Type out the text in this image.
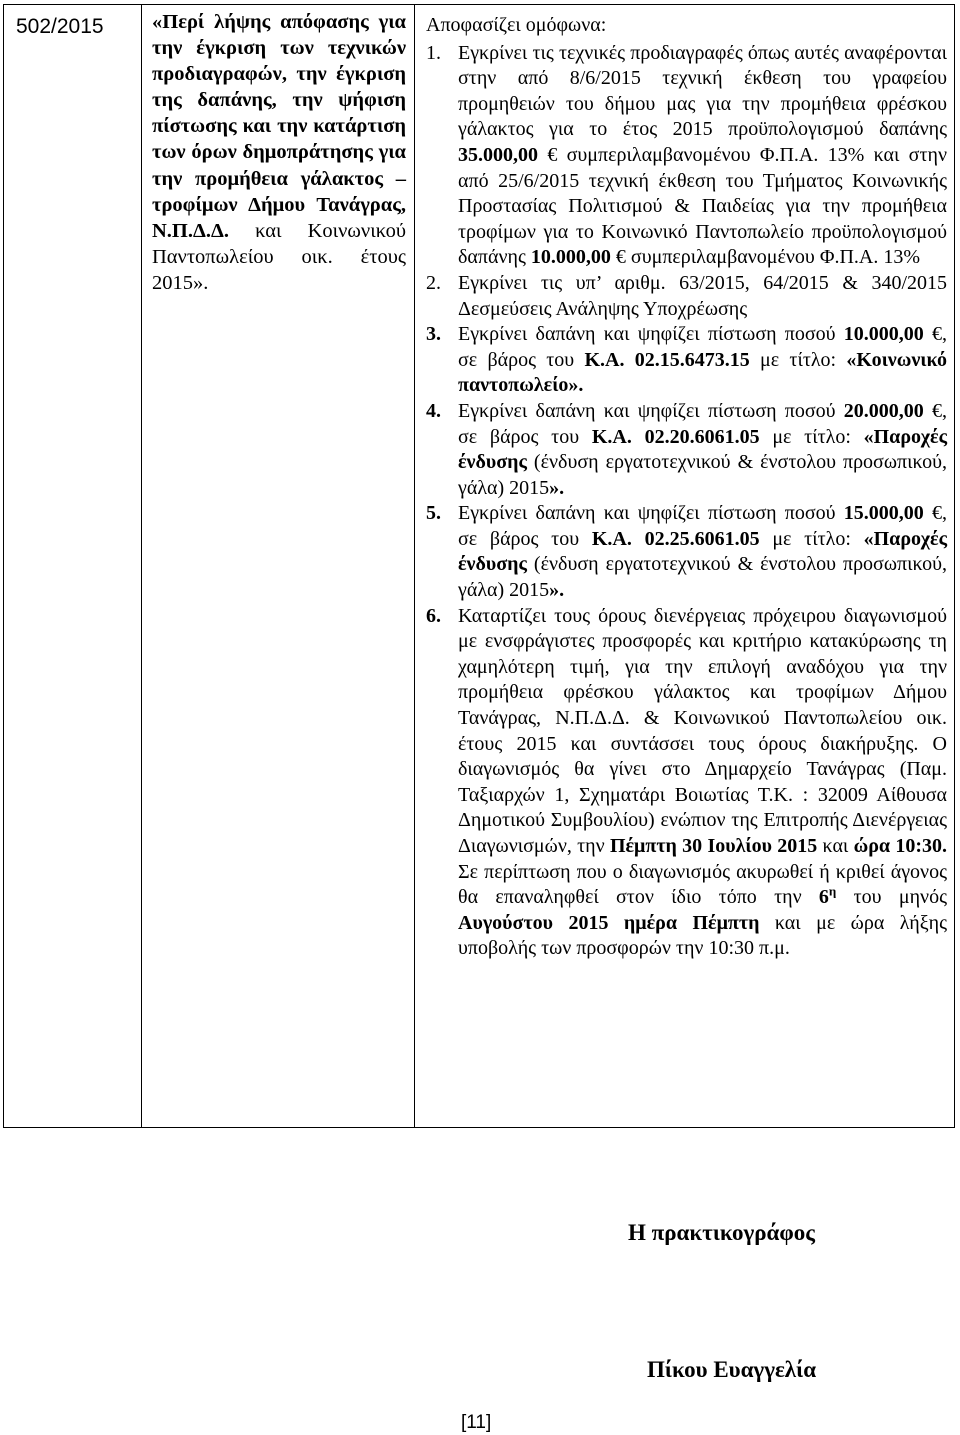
502/2015	«Περί λήψης απόφασης για την έγκριση των τεχνικών προδιαγραφών, την έγκριση της δαπάνης, την ψήφιση πίστωσης και την κατάρτιση των όρων δημοπράτησης για την προμήθεια γάλακτος – τροφίμων Δήμου Τανάγρας, Ν.Π.Δ.Δ. και Κοινωνικού Παντοπωλείου οικ. έτους 2015».
Αποφασίζει ομόφωνα:
1. Εγκρίνει τις τεχνικές προδιαγραφές όπως αυτές αναφέρονται στην από 8/6/2015 τεχνική έκθεση του γραφείου προμηθειών του δήμου μας για την προμήθεια φρέσκου γάλακτος για το έτος 2015 προϋπολογισμού δαπάνης 35.000,00 € συμπεριλαμβανομένου Φ.Π.Α. 13% και στην από 25/6/2015 τεχνική έκθεση του Τμήματος Κοινωνικής Προστασίας Πολιτισμού & Παιδείας για την προμήθεια τροφίμων για το Κοινωνικό Παντοπωλείο προϋπολογισμού δαπάνης 10.000,00 € συμπεριλαμβανομένου Φ.Π.Α. 13%
2. Εγκρίνει τις υπ’ αριθμ. 63/2015, 64/2015 & 340/2015 Δεσμεύσεις Ανάληψης Υποχρέωσης
3. Εγκρίνει δαπάνη και ψηφίζει πίστωση ποσού 10.000,00 €, σε βάρος του Κ.Α. 02.15.6473.15 με τίτλο: «Κοινωνικό παντοπωλείο».
4. Εγκρίνει δαπάνη και ψηφίζει πίστωση ποσού 20.000,00 €, σε βάρος του Κ.Α. 02.20.6061.05 με τίτλο: «Παροχές ένδυσης (ένδυση εργατοτεχνικού & ένστολου προσωπικού, γάλα) 2015».
5. Εγκρίνει δαπάνη και ψηφίζει πίστωση ποσού 15.000,00 €, σε βάρος του Κ.Α. 02.25.6061.05 με τίτλο: «Παροχές ένδυσης (ένδυση εργατοτεχνικού & ένστολου προσωπικού, γάλα) 2015».
6. Καταρτίζει τους όρους διενέργειας πρόχειρου διαγωνισμού με ενσφράγιστες προσφορές και κριτήριο κατακύρωσης τη χαμηλότερη τιμή, για την επιλογή αναδόχου για την προμήθεια φρέσκου γάλακτος και τροφίμων Δήμου Τανάγρας, Ν.Π.Δ.Δ. & Κοινωνικού Παντοπωλείου οικ. έτους 2015 και συντάσσει τους όρους διακήρυξης. Ο διαγωνισμός θα γίνει στο Δημαρχείο Τανάγρας (Παμ. Ταξιαρχών 1, Σχηματάρι Βοιωτίας Τ.Κ. : 32009 Αίθουσα Δημοτικού Συμβουλίου) ενώπιον της Επιτροπής Διενέργειας Διαγωνισμών, την Πέμπτη 30 Ιουλίου 2015 και ώρα 10:30. Σε περίπτωση που ο διαγωνισμός ακυρωθεί ή κριθεί άγονος θα επαναληφθεί στον ίδιο τόπο την $6^\eta$ του μηνός Αυγούστου 2015 ημέρα Πέμπτη και με ώρα λήξης υποβολής των προσφορών την 10:30 π.μ.
Η πρακτικογράφος
Πίκου Ευαγγελία
[11]
